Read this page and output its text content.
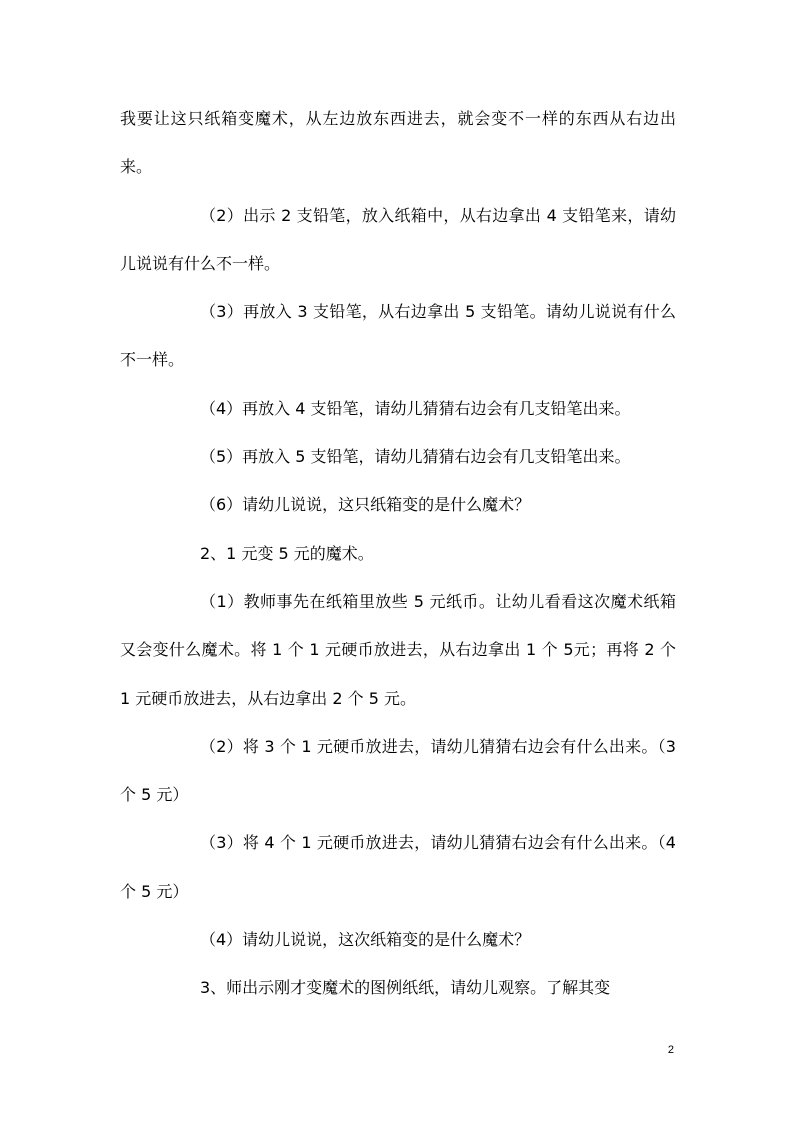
我要让这只纸箱变魔术，从左边放东西进去，就会变不一样的东西从右边出来。

（2）出示 2 支铅笔，放入纸箱中，从右边拿出 4 支铅笔来，请幼儿说说有什么不一样。

（3）再放入 3 支铅笔，从右边拿出 5 支铅笔。请幼儿说说有什么不一样。

（4）再放入 4 支铅笔，请幼儿猜猜右边会有几支铅笔出来。

（5）再放入 5 支铅笔，请幼儿猜猜右边会有几支铅笔出来。

（6）请幼儿说说，这只纸箱变的是什么魔术？

2、1 元变 5 元的魔术。

（1）教师事先在纸箱里放些 5 元纸币。让幼儿看看这次魔术纸箱又会变什么魔术。将 1 个 1 元硬币放进去，从右边拿出 1 个 5元；再将 2 个 1 元硬币放进去，从右边拿出 2 个 5 元。

（2）将 3 个 1 元硬币放进去，请幼儿猜猜右边会有什么出来。（3 个 5 元）

（3）将 4 个 1 元硬币放进去，请幼儿猜猜右边会有什么出来。（4 个 5 元）

（4）请幼儿说说，这次纸箱变的是什么魔术？

3、师出示刚才变魔术的图例纸纸，请幼儿观察。了解其变

2
